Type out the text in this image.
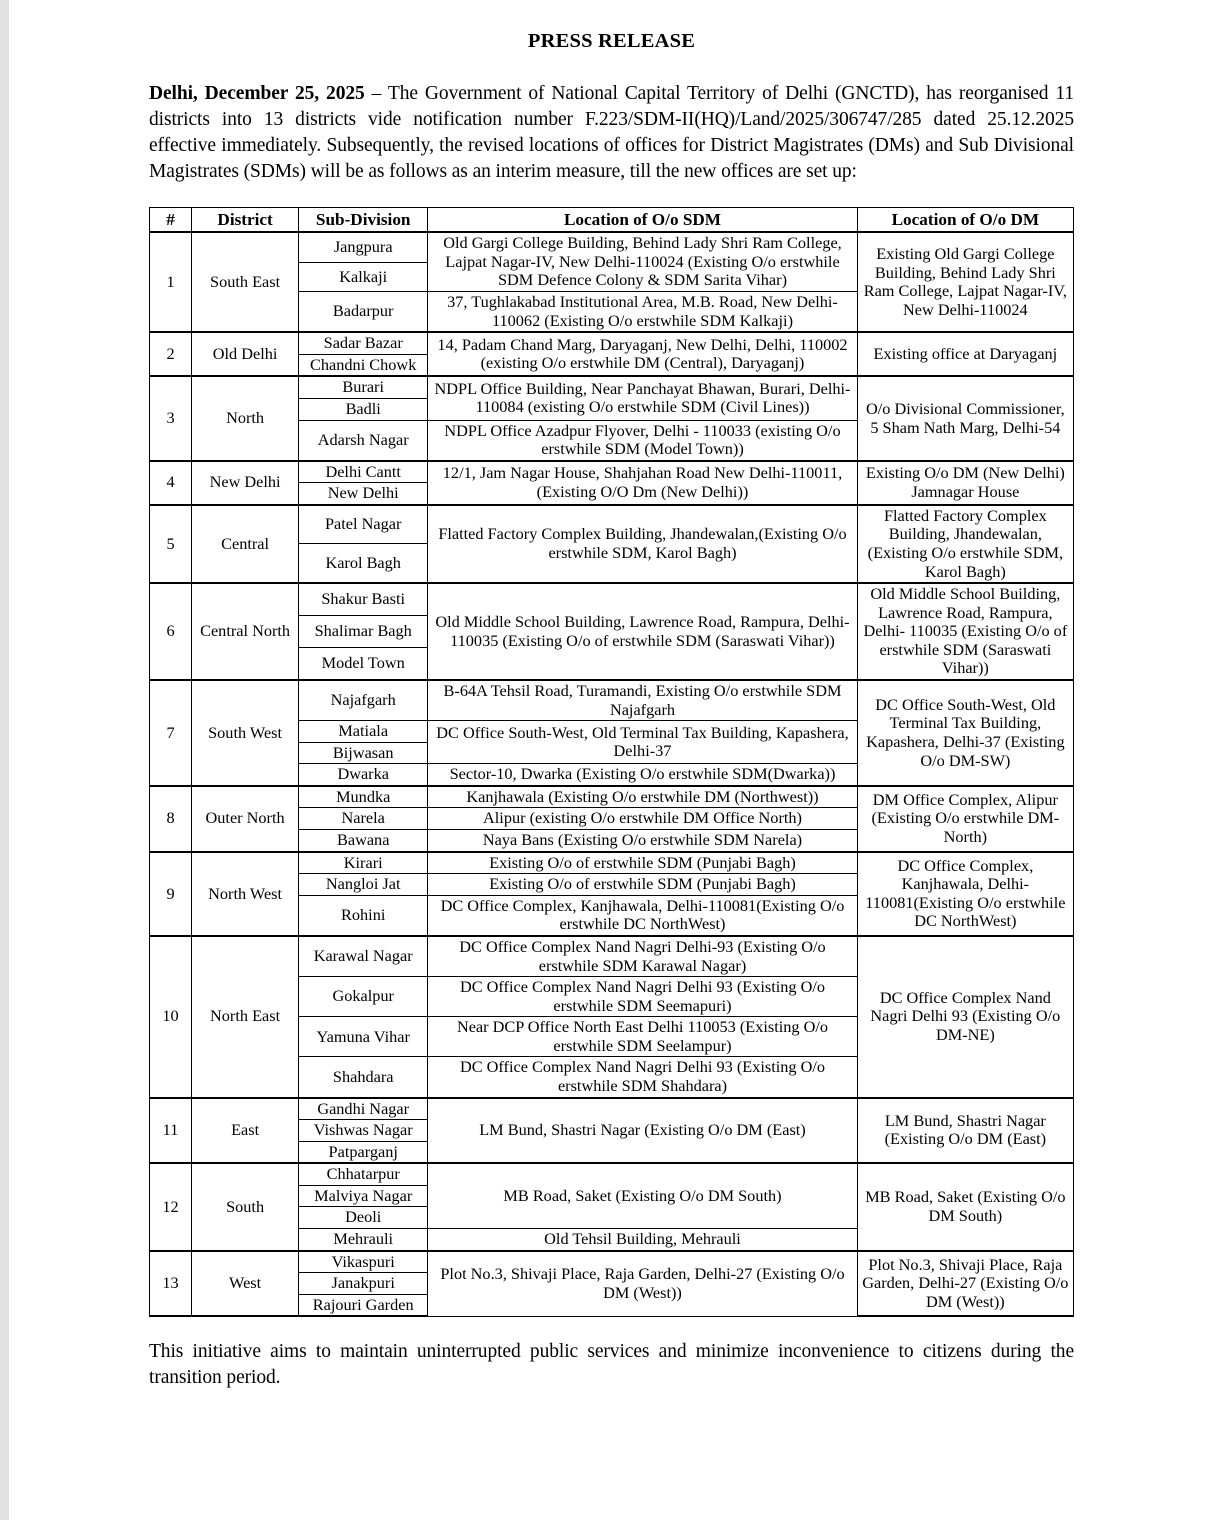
PRESS RELEASE

Delhi, December 25, 2025 – The Government of National Capital Territory of Delhi (GNCTD), has reorganised 11 districts into 13 districts vide notification number F.223/SDM-II(HQ)/Land/2025/306747/285 dated 25.12.2025 effective immediately. Subsequently, the revised locations of offices for District Magistrates (DMs) and Sub Divisional Magistrates (SDMs) will be as follows as an interim measure, till the new offices are set up:

#	District	Sub-Division	Location of O/o SDM	Location of O/o DM
1	South East	Jangpura	Old Gargi College Building, Behind Lady Shri Ram College, Lajpat Nagar-IV, New Delhi-110024 (Existing O/o erstwhile SDM Defence Colony & SDM Sarita Vihar)	Existing Old Gargi College Building, Behind Lady Shri Ram College, Lajpat Nagar-IV, New Delhi-110024
		Kalkaji		
		Badarpur	37, Tughlakabad Institutional Area, M.B. Road, New Delhi-110062 (Existing O/o erstwhile SDM Kalkaji)	
2	Old Delhi	Sadar Bazar	14, Padam Chand Marg, Daryaganj, New Delhi, Delhi, 110002 (existing O/o erstwhile DM (Central), Daryaganj)	Existing office at Daryaganj
		Chandni Chowk		
3	North	Burari	NDPL Office Building, Near Panchayat Bhawan, Burari, Delhi-110084 (existing O/o erstwhile SDM (Civil Lines))	O/o Divisional Commissioner, 5 Sham Nath Marg, Delhi-54
		Badli		
		Adarsh Nagar	NDPL Office Azadpur Flyover, Delhi - 110033 (existing O/o erstwhile SDM (Model Town))	
4	New Delhi	Delhi Cantt	12/1, Jam Nagar House, Shahjahan Road New Delhi-110011, (Existing O/O Dm (New Delhi))	Existing O/o DM (New Delhi) Jamnagar House
		New Delhi		
5	Central	Patel Nagar	Flatted Factory Complex Building, Jhandewalan,(Existing O/o erstwhile SDM, Karol Bagh)	Flatted Factory Complex Building, Jhandewalan,(Existing O/o erstwhile SDM, Karol Bagh)
		Karol Bagh		
6	Central North	Shakur Basti	Old Middle School Building, Lawrence Road, Rampura, Delhi- 110035 (Existing O/o of erstwhile SDM (Saraswati Vihar))	Old Middle School Building, Lawrence Road, Rampura, Delhi- 110035 (Existing O/o of erstwhile SDM (Saraswati Vihar))
		Shalimar Bagh		
		Model Town		
7	South West	Najafgarh	B-64A Tehsil Road, Turamandi, Existing O/o erstwhile SDM Najafgarh	DC Office South-West, Old Terminal Tax Building, Kapashera, Delhi-37 (Existing O/o DM-SW)
		Matiala	DC Office South-West, Old Terminal Tax Building, Kapashera, Delhi-37	
		Bijwasan		
		Dwarka	Sector-10, Dwarka (Existing O/o erstwhile SDM(Dwarka))	
8	Outer North	Mundka	Kanjhawala (Existing O/o erstwhile DM (Northwest))	DM Office Complex, Alipur (Existing O/o erstwhile DM-North)
		Narela	Alipur (existing O/o erstwhile DM Office North)	
		Bawana	Naya Bans (Existing O/o erstwhile SDM Narela)	
9	North West	Kirari	Existing O/o of erstwhile SDM (Punjabi Bagh)	DC Office Complex, Kanjhawala, Delhi-110081(Existing O/o erstwhile DC NorthWest)
		Nangloi Jat	Existing O/o of erstwhile SDM (Punjabi Bagh)	
		Rohini	DC Office Complex, Kanjhawala, Delhi-110081(Existing O/o erstwhile DC NorthWest)	
10	North East	Karawal Nagar	DC Office Complex Nand Nagri Delhi-93 (Existing O/o erstwhile SDM Karawal Nagar)	DC Office Complex Nand Nagri Delhi 93 (Existing O/o DM-NE)
		Gokalpur	DC Office Complex Nand Nagri Delhi 93 (Existing O/o erstwhile SDM Seemapuri)	
		Yamuna Vihar	Near DCP Office North East Delhi 110053 (Existing O/o erstwhile SDM Seelampur)	
		Shahdara	DC Office Complex Nand Nagri Delhi 93 (Existing O/o erstwhile SDM Shahdara)	
11	East	Gandhi Nagar	LM Bund, Shastri Nagar (Existing O/o DM (East)	LM Bund, Shastri Nagar (Existing O/o DM (East)
		Vishwas Nagar		
		Patparganj		
12	South	Chhatarpur	MB Road, Saket (Existing O/o DM South)	MB Road, Saket (Existing O/o DM South)
		Malviya Nagar		
		Deoli		
		Mehrauli	Old Tehsil Building, Mehrauli	
13	West	Vikaspuri	Plot No.3, Shivaji Place, Raja Garden, Delhi-27 (Existing O/o DM (West))	Plot No.3, Shivaji Place, Raja Garden, Delhi-27 (Existing O/o DM (West))
		Janakpuri		
		Rajouri Garden		

This initiative aims to maintain uninterrupted public services and minimize inconvenience to citizens during the transition period.
